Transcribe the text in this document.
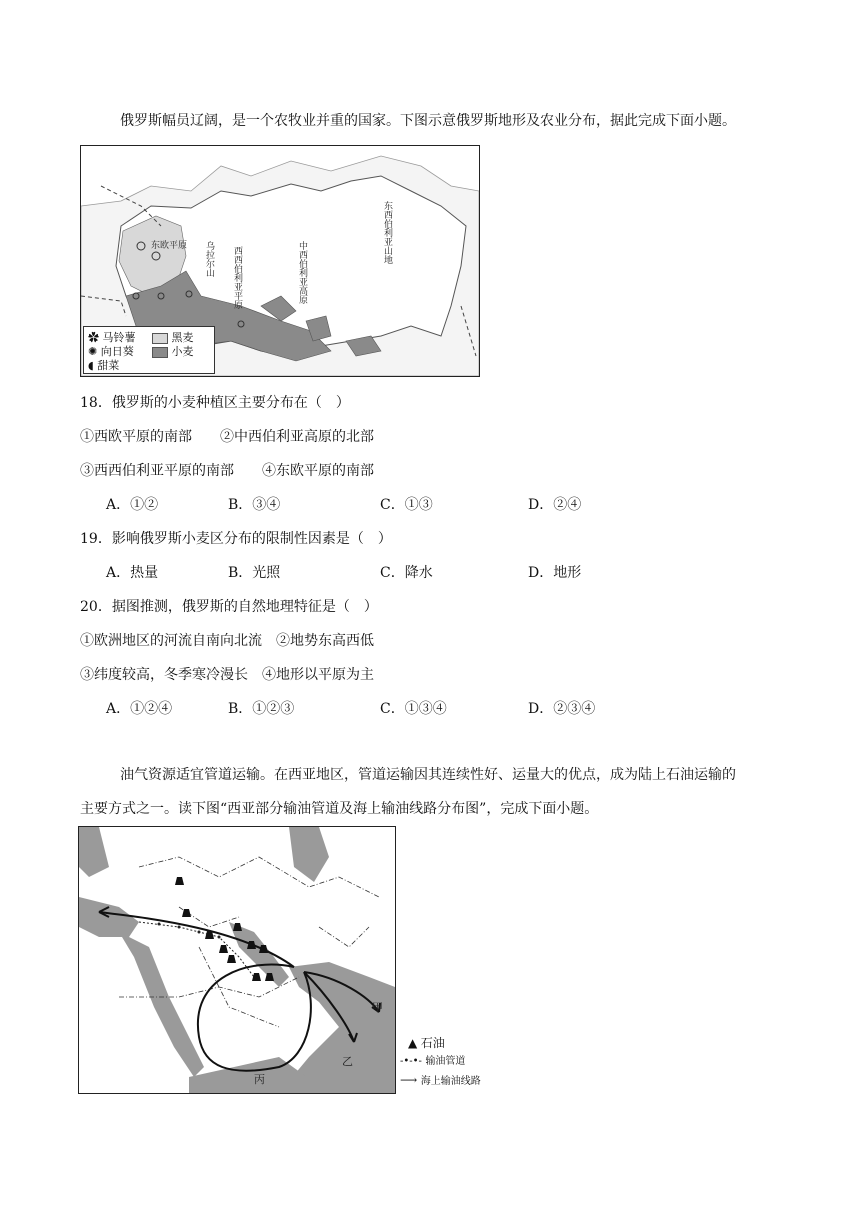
俄罗斯幅员辽阔，是一个农牧业并重的国家。下图示意俄罗斯地形及农业分布，据此完成下面小题。
东欧平原 乌拉尔山 西西伯利亚平原	中西伯利亚高原
东西伯利亚山地
✿ 马铃薯
✺ 向日葵
◖ 甜菜
黑麦
小麦
18．俄罗斯的小麦种植区主要分布在（　）
①西欧平原的南部　　②中西伯利亚高原的北部
③西西伯利亚平原的南部　　④东欧平原的南部
A．①②	B．③④	C．①③	D．②④
19．影响俄罗斯小麦区分布的限制性因素是（　）
A．热量	B．光照	C．降水	D．地形
20．据图推测，俄罗斯的自然地理特征是（　）
①欧洲地区的河流自南向北流　②地势东高西低
③纬度较高，冬季寒冷漫长　④地形以平原为主
A．①②④	B．①②③	C．①③④	D．②③④
油气资源适宜管道运输。在西亚地区，管道运输因其连续性好、运量大的优点，成为陆上石油运输的
主要方式之一。读下图“西亚部分输油管道及海上输油线路分布图”，完成下面小题。
甲
乙
丙
▲ 石油
-•-•- 输油管道
⟶ 海上输油线路
